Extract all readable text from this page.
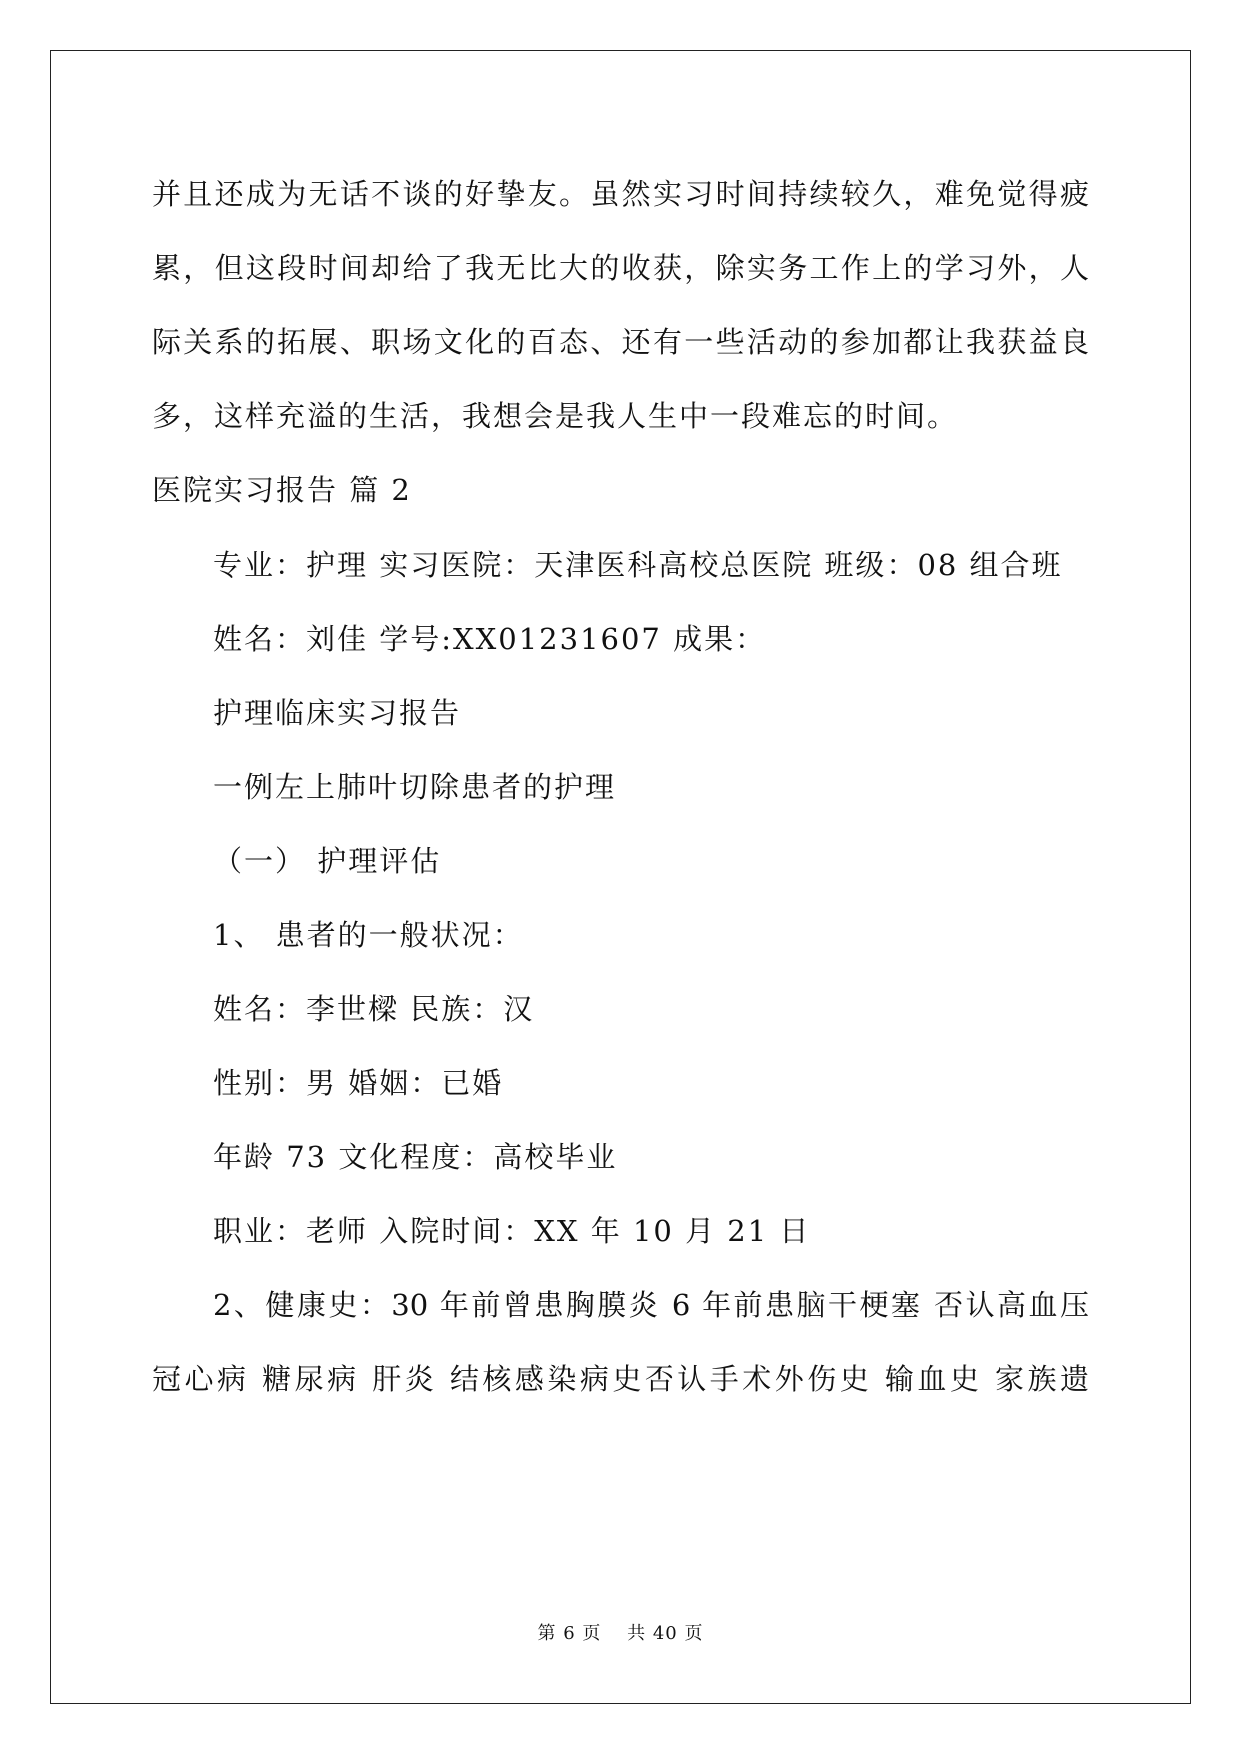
并且还成为无话不谈的好挚友。虽然实习时间持续较久，难免觉得疲
累，但这段时间却给了我无比大的收获，除实务工作上的学习外，人
际关系的拓展、职场文化的百态、还有一些活动的参加都让我获益良
多，这样充溢的生活，我想会是我人生中一段难忘的时间。
医院实习报告 篇 2
专业：护理 实习医院：天津医科高校总医院 班级：08 组合班
姓名：刘佳 学号:XX01231607 成果：
护理临床实习报告
一例左上肺叶切除患者的护理
（一） 护理评估
1、 患者的一般状况：
姓名：李世樑 民族：汉
性别：男 婚姻：已婚
年龄 73 文化程度：高校毕业
职业：老师 入院时间：XX 年 10 月 21 日
2、健康史：30 年前曾患胸膜炎 6 年前患脑干梗塞 否认高血压
冠心病 糖尿病 肝炎 结核感染病史否认手术外伤史 输血史 家族遗
第 6 页　 共 40 页
